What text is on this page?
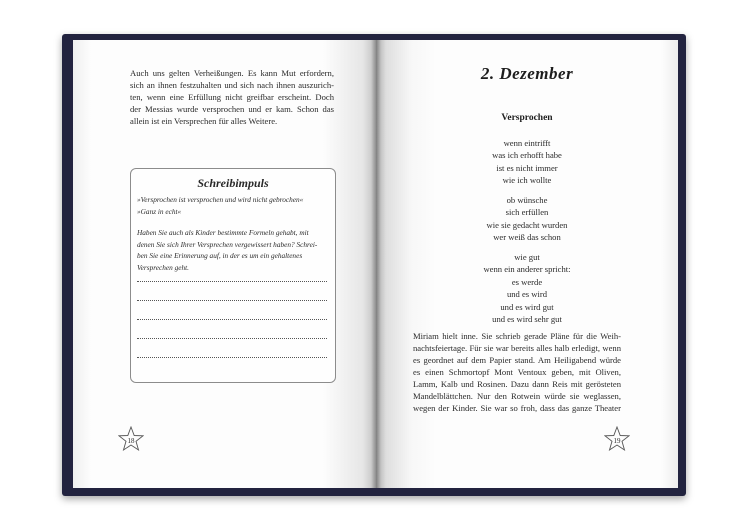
Auch uns gelten Verheißungen. Es kann Mut erfordern,
sich an ihnen festzuhalten und sich nach ihnen auszurich-
ten, wenn eine Erfüllung nicht greifbar erscheint. Doch
der Messias wurde versprochen und er kam. Schon das
allein ist ein Versprechen für alles Weitere.

Schreibimpuls

»Versprochen ist versprochen und wird nicht gebrochen«
»Ganz in echt«

Haben Sie auch als Kinder bestimmte Formeln gehabt, mit
denen Sie sich Ihrer Versprechen vergewissert haben? Schrei-
ben Sie eine Erinnerung auf, in der es um ein gehaltenes
Versprechen geht.

18
2. Dezember
Versprochen
wenn eintrifft
was ich erhofft habe
ist es nicht immer
wie ich wollte
ob wünsche
sich erfüllen
wie sie gedacht wurden
wer weiß das schon
wie gut
wenn ein anderer spricht:
es werde
und es wird
und es wird gut
und es wird sehr gut

Miriam hielt inne. Sie schrieb gerade Pläne für die Weih-
nachtsfeiertage. Für sie war bereits alles halb erledigt, wenn
es geordnet auf dem Papier stand. Am Heiligabend würde
es einen Schmortopf Mont Ventoux geben, mit Oliven,
Lamm, Kalb und Rosinen. Dazu dann Reis mit gerösteten
Mandelblättchen. Nur den Rotwein würde sie weglassen,
wegen der Kinder. Sie war so froh, dass das ganze Theater

19
